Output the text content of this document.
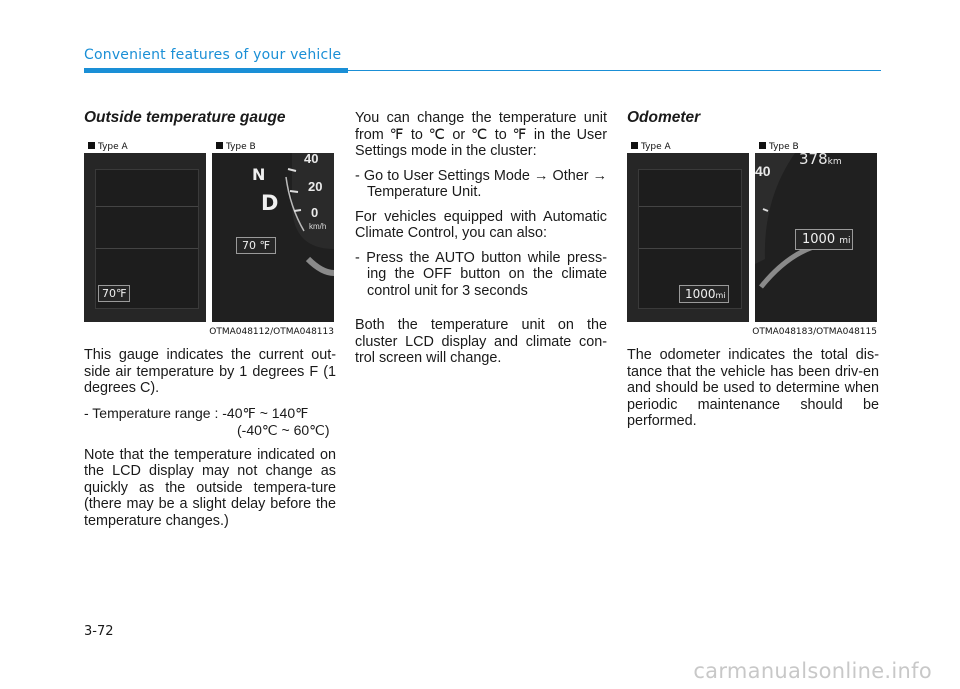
Convenient features of your vehicle
Outside temperature gauge
Type A
70℉
Type B
N
D
40
20
0
km/h
70 ℉
OTMA048112/OTMA048113

This gauge indicates the current out-side air temperature by 1 degrees F (1 degrees C).

- Temperature range : -40℉ ~ 140℉
(-40℃ ~ 60℃)

Note that the temperature indicated on the LCD display may not change as quickly as the outside tempera-ture (there may be a slight delay before the temperature changes.)

You can change the temperature unit from ℉ to ℃ or ℃ to ℉ in the User Settings mode in the cluster:

- Go to User Settings Mode → Other → Temperature Unit.

For vehicles equipped with Automatic Climate Control, you can also:

- Press the AUTO button while press-ing the OFF button on the climate control unit for 3 seconds

Both the temperature unit on the cluster LCD display and climate con-trol screen will change.

Odometer
Type A
1000mi
Type B
378km
40
1000 mi
OTMA048183/OTMA048115

The odometer indicates the total dis-tance that the vehicle has been driv-en and should be used to determine when periodic maintenance should be performed.

3-72
carmanualsonline.info
